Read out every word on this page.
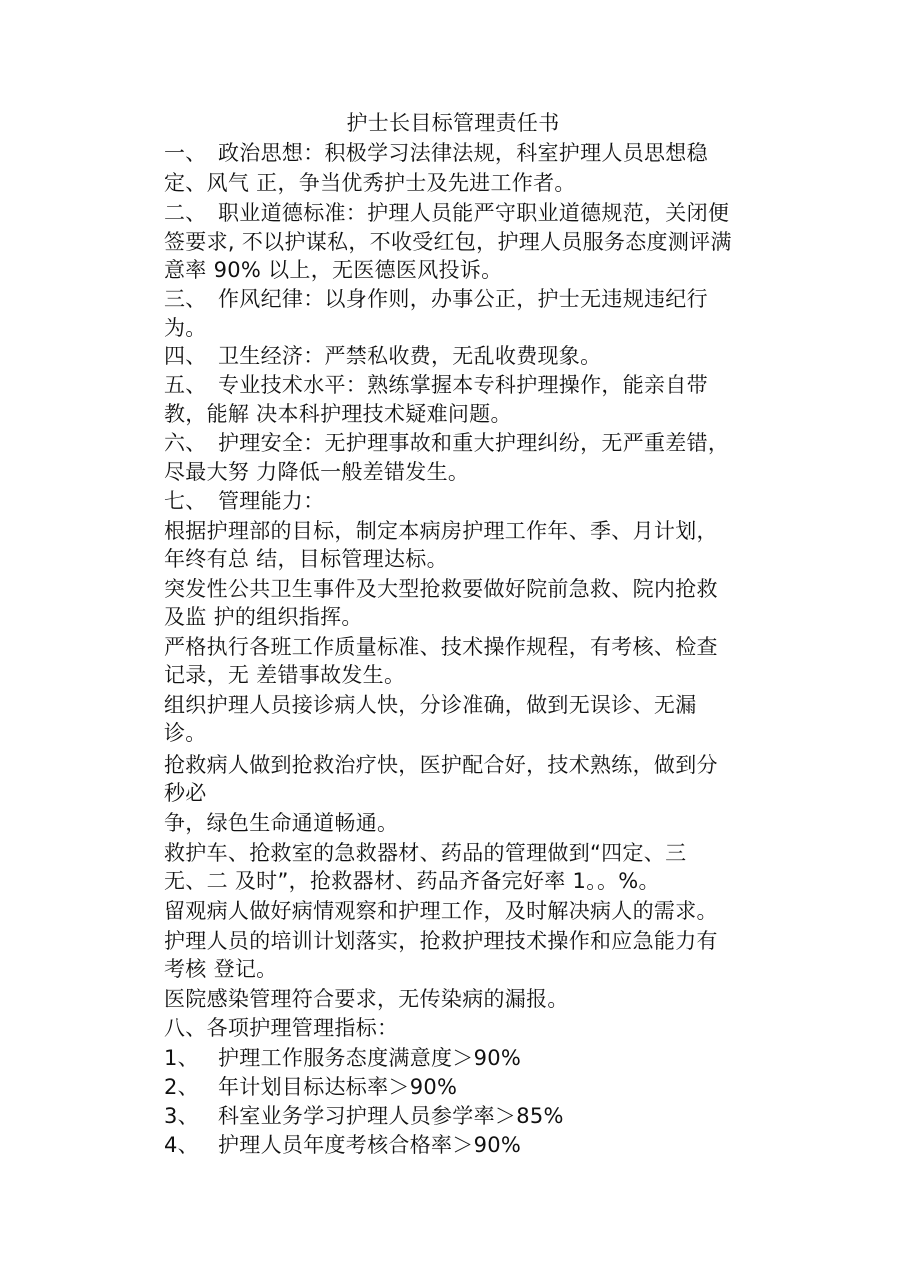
护士长目标管理责任书
一、 政治思想：积极学习法律法规，科室护理人员思想稳
定、风气 正，争当优秀护士及先进工作者。
二、 职业道德标准：护理人员能严守职业道德规范，关闭便
签要求, 不以护谋私，不收受红包，护理人员服务态度测评满
意率 90% 以上，无医德医风投诉。
三、 作风纪律：以身作则，办事公正，护士无违规违纪行
为。
四、 卫生经济：严禁私收费，无乱收费现象。
五、 专业技术水平：熟练掌握本专科护理操作，能亲自带
教，能解 决本科护理技术疑难问题。
六、 护理安全：无护理事故和重大护理纠纷，无严重差错，
尽最大努 力降低一般差错发生。
七、 管理能力：
根据护理部的目标，制定本病房护理工作年、季、月计划，
年终有总 结，目标管理达标。
突发性公共卫生事件及大型抢救要做好院前急救、院内抢救
及监 护的组织指挥。
严格执行各班工作质量标准、技术操作规程，有考核、检查
记录，无 差错事故发生。
组织护理人员接诊病人快，分诊准确，做到无误诊、无漏
诊。
抢救病人做到抢救治疗快，医护配合好，技术熟练，做到分
秒必
争，绿色生命通道畅通。
救护车、抢救室的急救器材、药品的管理做到“四定、三
无、二 及时”，抢救器材、药品齐备完好率 1。。%。
留观病人做好病情观察和护理工作，及时解决病人的需求。
护理人员的培训计划落实，抢救护理技术操作和应急能力有
考核 登记。
医院感染管理符合要求，无传染病的漏报。
八、各项护理管理指标：
1、 护理工作服务态度满意度＞90%
2、 年计划目标达标率＞90%
3、 科室业务学习护理人员参学率＞85%
4、 护理人员年度考核合格率＞90%
